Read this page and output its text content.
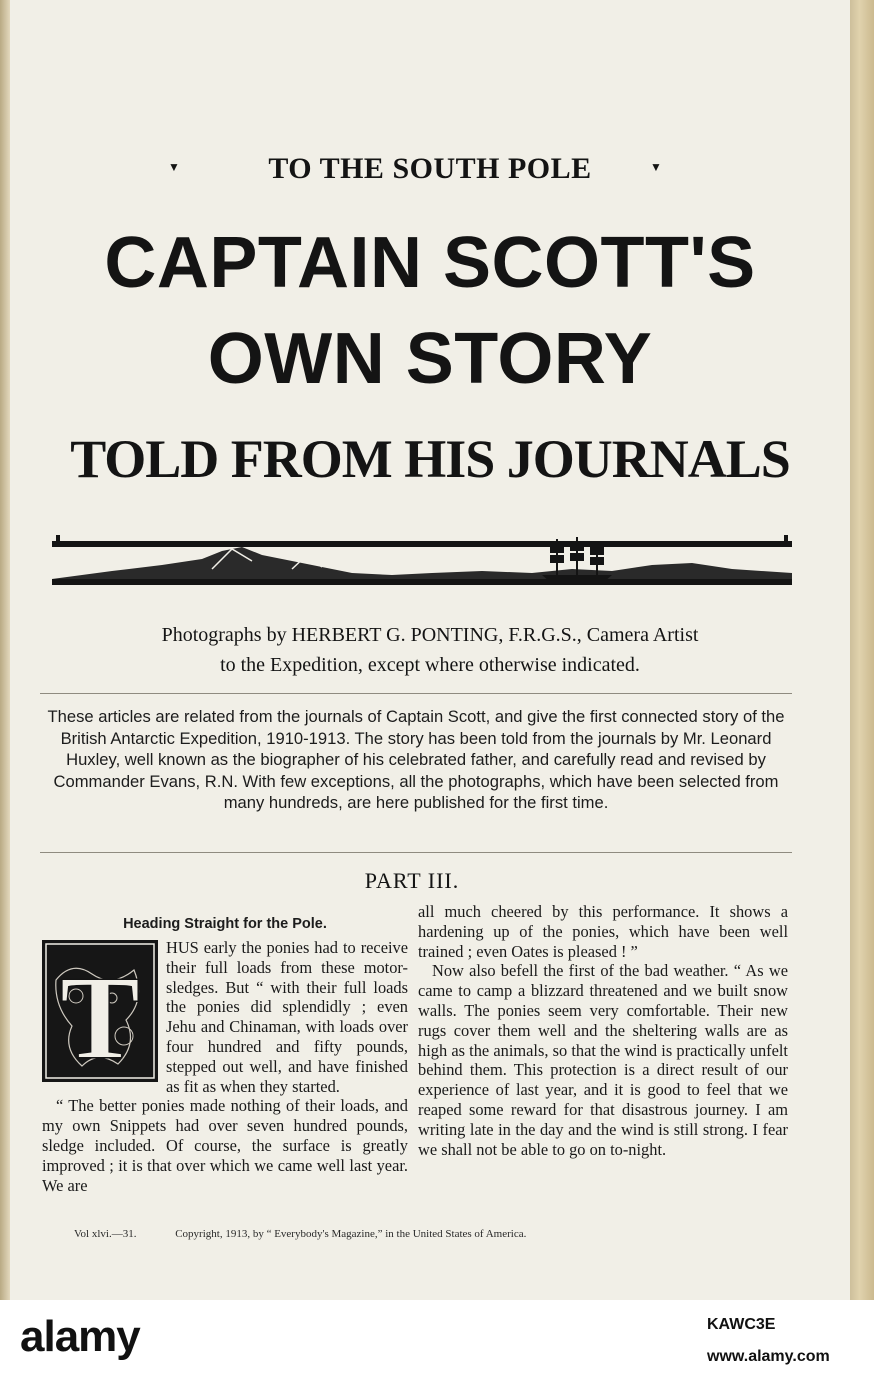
▼	TO THE SOUTH POLE	▼
CAPTAIN SCOTT'S
OWN STORY
TOLD FROM HIS JOURNALS
Photographs by HERBERT G. PONTING, F.R.G.S., Camera Artist
to the Expedition, except where otherwise indicated.
These articles are related from the journals of Captain Scott, and give the first connected story of the British Antarctic Expedition, 1910-1913. The story has been told from the journals by Mr. Leonard Huxley, well known as the biographer of his celebrated father, and carefully read and revised by Commander Evans, R.N. With few exceptions, all the photographs, which have been selected from many hundreds, are here published for the first time.
PART III.

Heading Straight for the Pole.

T

HUS early the ponies had to receive their full loads from these motor-sledges. But “ with their full loads the ponies did splendidly ; even Jehu and Chinaman, with loads over four hundred and fifty pounds, stepped out well, and have finished as fit as when they started.

“ The better ponies made nothing of their loads, and my own Snippets had over seven hundred pounds, sledge included. Of course, the surface is greatly improved ; it is that over which we came well last year. We are

all much cheered by this performance. It shows a hardening up of the ponies, which have been well trained ; even Oates is pleased ! ”

Now also befell the first of the bad weather. “ As we came to camp a blizzard threatened and we built snow walls. The ponies seem very comfortable. Their new rugs cover them well and the sheltering walls are as high as the animals, so that the wind is practically unfelt behind them. This protection is a direct result of our experience of last year, and it is good to feel that we reaped some reward for that disastrous journey. I am writing late in the day and the wind is still strong. I fear we shall not be able to go on to-night.

Vol xlvi.—31.	Copyright, 1913, by “ Everybody's Magazine,” in the United States of America.
alamy	KAWC3E
www.alamy.com
